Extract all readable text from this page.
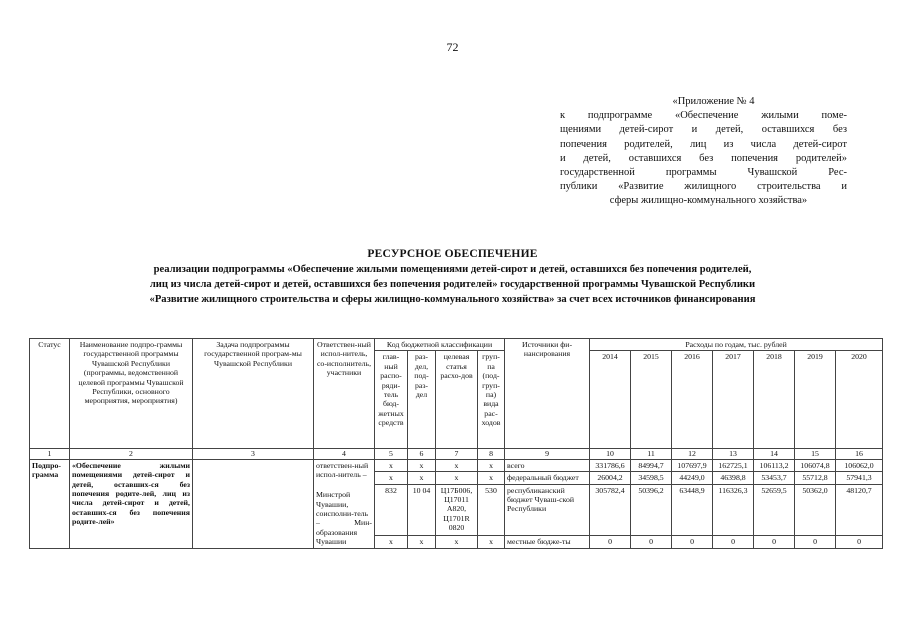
72
«Приложение № 4
к подпрограмме «Обеспечение жилыми поме-
щениями детей-сирот и детей, оставшихся без
попечения родителей, лиц из числа детей-сирот
и детей, оставшихся без попечения родителей»
государственной программы Чувашской Рес-
публики «Развитие жилищного строительства и
сферы жилищно-коммунального хозяйства»
РЕСУРСНОЕ ОБЕСПЕЧЕНИЕ
реализации подпрограммы «Обеспечение жилыми помещениями детей-сирот и детей, оставшихся без попечения родителей,
лиц из числа детей-сирот и детей, оставшихся без попечения родителей» государственной программы Чувашской Республики
«Развитие жилищного строительства и сферы жилищно-коммунального хозяйства» за счет всех источников финансирования
Статус	Наименование подпро-граммы государственной программы Чувашской Республики (программы, ведомственной целевой программы Чувашской Республики, основного мероприятия, мероприятия)	Задача подпрограммы государственной програм-мы Чувашской Республики	Ответствен-ный испол-нитель, со-исполнитель, участники	Код бюджетной классификации				Источники фи-нансирования	Расходы по годам, тыс. рублей						
				глав-ный распо-ряди-тель бюд-жетных средств	раз-дел, под-раз-дел	целевая статья расхо-дов	груп-па (под-груп-па) вида рас-ходов		2014	2015	2016	2017	2018	2019	2020
1	2	3	4	5	6	7	8	9	10	11	12	13	14	15	16
Подпро-грамма	«Обеспечение жилыми помещениями детей-сирот и детей, оставших-ся без попечения родите-лей, лиц из числа детей-сирот и детей, оставших-ся без попечения родите-лей»		ответствен-ный испол-нитель –	x	x	x	x	всего	331786,6	84994,7	107697,9	162725,1	106113,2	106074,8	106062,0
				x	x	x	x	федеральный бюджет	26004,2	34598,5	44249,0	46398,8	53453,7	55712,8	57941,3
			Минстрой Чувашии, соисполни-тель – Мин-образования Чувашии	832	10 04	Ц17Б006, Ц17011 А820, Ц1701R 0820	530	республиканский бюджет Чуваш-ской Республики	305782,4	50396,2	63448,9	116326,3	52659,5	50362,0	48120,7
				x	x	x	x	местные бюдже-ты	0	0	0	0	0	0	0
